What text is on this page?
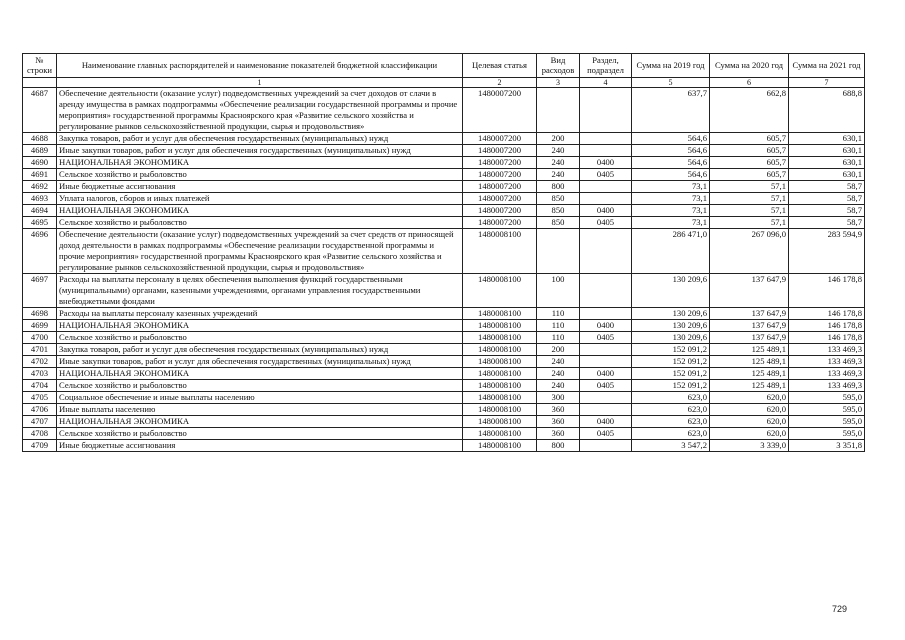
№ строки	Наименование главных распорядителей и наименование показателей бюджетной классификации	Целевая статья	Вид расходов	Раздел, подраздел	Сумма на 2019 год	Сумма на 2020 год	Сумма на 2021 год
	1	2	3	4	5	6	7
4687	Обеспечение деятельности (оказание услуг) подведомственных учреждений за счет доходов от слачи в аренду имущества в рамках подпрограммы «Обеспечение реализации государственной программы и прочие мероприятия» государственной программы Красноярского края «Развитие сельского хозяйства и регулирование рынков сельскохозяйственной продукции, сырья и продовольствия»	1480007200			637,7	662,8	688,8
4688	Закупка товаров, работ и услуг для обеспечения государственных (муниципальных) нужд	1480007200	200		564,6	605,7	630,1
4689	Иные закупки товаров, работ и услуг для обеспечения государственных (муниципальных) нужд	1480007200	240		564,6	605,7	630,1
4690	НАЦИОНАЛЬНАЯ ЭКОНОМИКА	1480007200	240	0400	564,6	605,7	630,1
4691	Сельское хозяйство и рыболовство	1480007200	240	0405	564,6	605,7	630,1
4692	Иные бюджетные ассигнования	1480007200	800		73,1	57,1	58,7
4693	Уплата налогов, сборов и иных платежей	1480007200	850		73,1	57,1	58,7
4694	НАЦИОНАЛЬНАЯ ЭКОНОМИКА	1480007200	850	0400	73,1	57,1	58,7
4695	Сельское хозяйство и рыболовство	1480007200	850	0405	73,1	57,1	58,7
4696	Обеспечение деятельности (оказание услуг) подведомственных учреждений за счет средств от приносящей доход деятельности в рамках подпрограммы «Обеспечение реализации государственной программы и прочие мероприятия» государственной программы Красноярского края «Развитие сельского хозяйства и регулирование рынков сельскохозяйственной продукции, сырья и продовольствия»	1480008100			286 471,0	267 096,0	283 594,9
4697	Расходы на выплаты персоналу в целях обеспечения выполнения функций государственными (муниципальными) органами, казенными учреждениями, органами управления государственными внебюджетными фондами	1480008100	100		130 209,6	137 647,9	146 178,8
4698	Расходы на выплаты персоналу казенных учреждений	1480008100	110		130 209,6	137 647,9	146 178,8
4699	НАЦИОНАЛЬНАЯ ЭКОНОМИКА	1480008100	110	0400	130 209,6	137 647,9	146 178,8
4700	Сельское хозяйство и рыболовство	1480008100	110	0405	130 209,6	137 647,9	146 178,8
4701	Закупка товаров, работ и услуг для обеспечения государственных (муниципальных) нужд	1480008100	200		152 091,2	125 489,1	133 469,3
4702	Иные закупки товаров, работ и услуг для обеспечения государственных (муниципальных) нужд	1480008100	240		152 091,2	125 489,1	133 469,3
4703	НАЦИОНАЛЬНАЯ ЭКОНОМИКА	1480008100	240	0400	152 091,2	125 489,1	133 469,3
4704	Сельское хозяйство и рыболовство	1480008100	240	0405	152 091,2	125 489,1	133 469,3
4705	Социальное обеспечение и иные выплаты населению	1480008100	300		623,0	620,0	595,0
4706	Иные выплаты населению	1480008100	360		623,0	620,0	595,0
4707	НАЦИОНАЛЬНАЯ ЭКОНОМИКА	1480008100	360	0400	623,0	620,0	595,0
4708	Сельское хозяйство и рыболовство	1480008100	360	0405	623,0	620,0	595,0
4709	Иные бюджетные ассигнования	1480008100	800		3 547,2	3 339,0	3 351,8
729
